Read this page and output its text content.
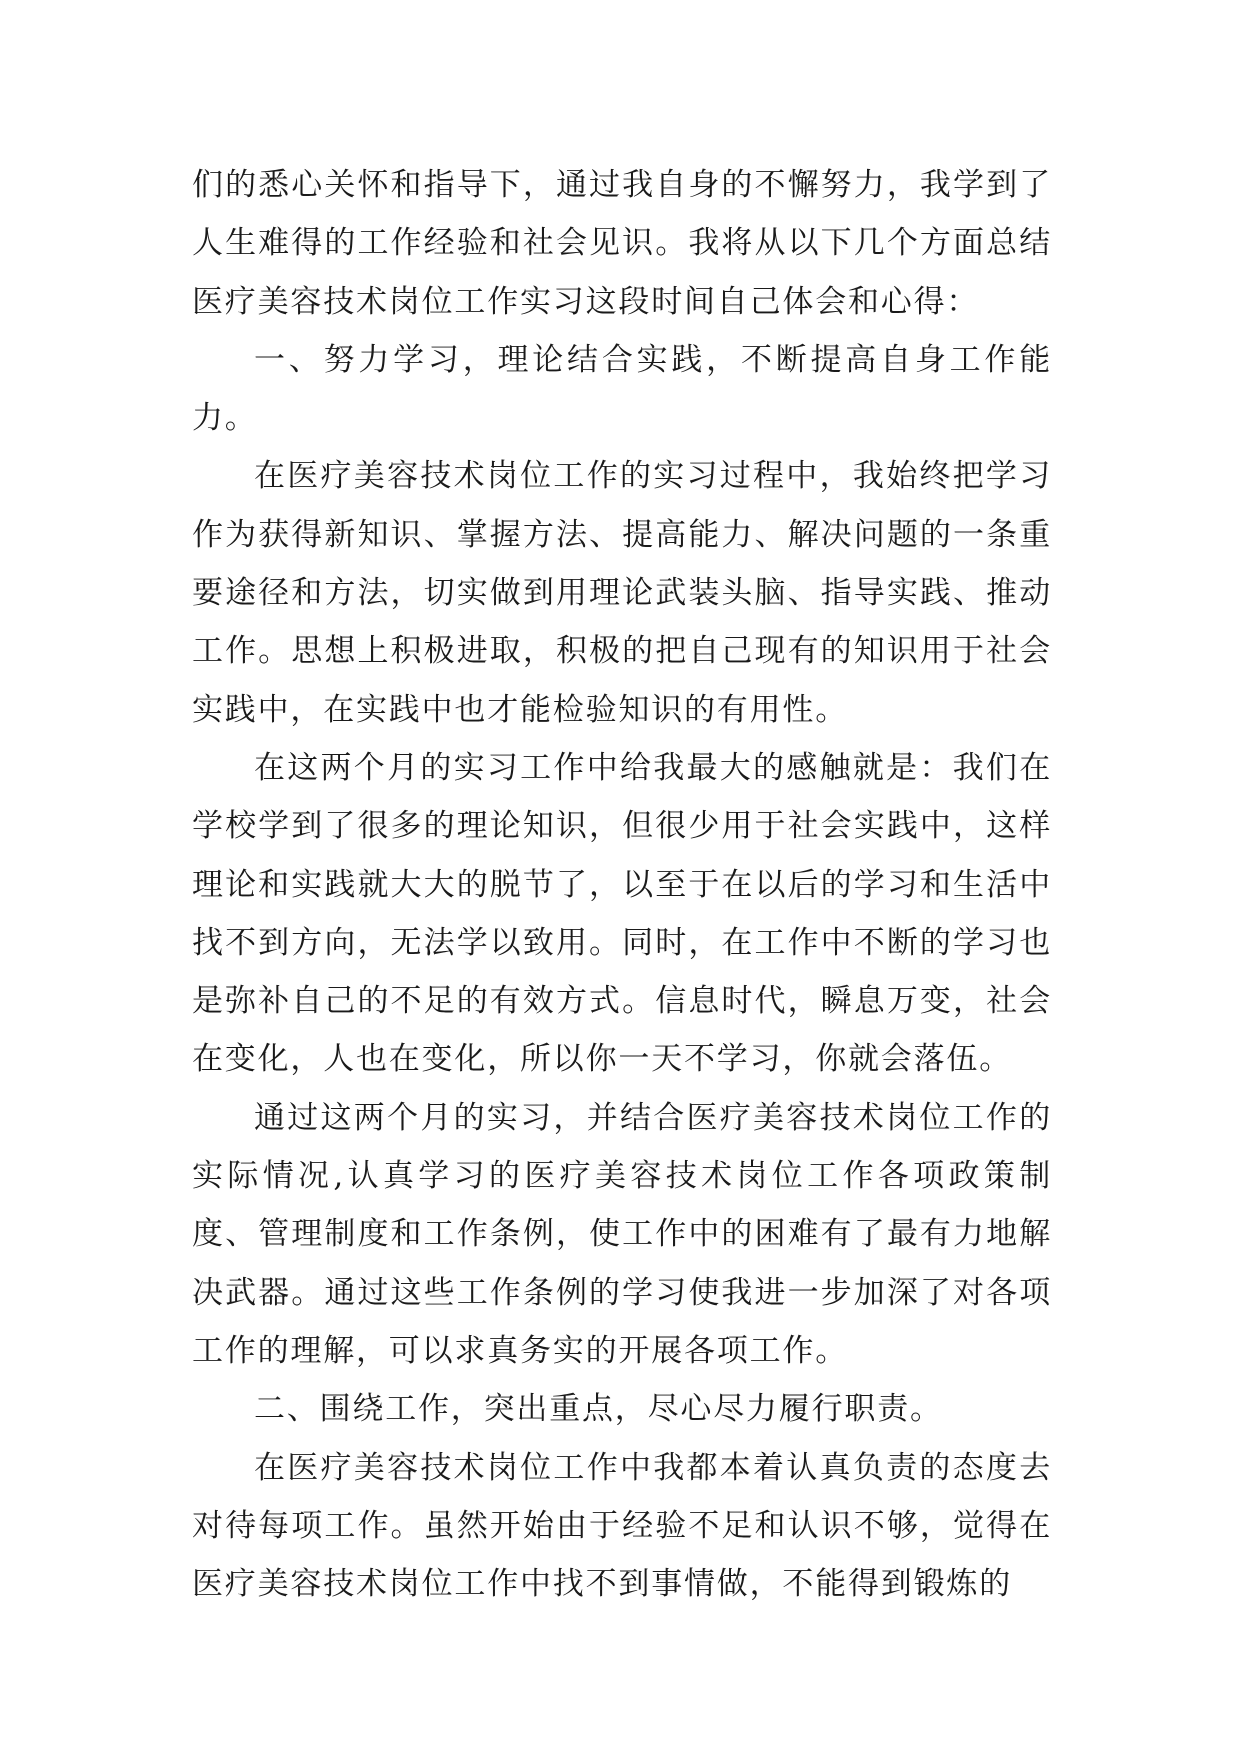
们的悉心关怀和指导下，通过我自身的不懈努力，我学到了人生难得的工作经验和社会见识。我将从以下几个方面总结医疗美容技术岗位工作实习这段时间自己体会和心得：

一、努力学习，理论结合实践，不断提高自身工作能力。

在医疗美容技术岗位工作的实习过程中，我始终把学习作为获得新知识、掌握方法、提高能力、解决问题的一条重要途径和方法，切实做到用理论武装头脑、指导实践、推动工作。思想上积极进取，积极的把自己现有的知识用于社会实践中，在实践中也才能检验知识的有用性。

在这两个月的实习工作中给我最大的感触就是：我们在学校学到了很多的理论知识，但很少用于社会实践中，这样理论和实践就大大的脱节了，以至于在以后的学习和生活中找不到方向，无法学以致用。同时，在工作中不断的学习也是弥补自己的不足的有效方式。信息时代，瞬息万变，社会在变化，人也在变化，所以你一天不学习，你就会落伍。

通过这两个月的实习，并结合医疗美容技术岗位工作的实际情况,认真学习的医疗美容技术岗位工作各项政策制度、管理制度和工作条例，使工作中的困难有了最有力地解决武器。通过这些工作条例的学习使我进一步加深了对各项工作的理解，可以求真务实的开展各项工作。

二、围绕工作，突出重点，尽心尽力履行职责。

在医疗美容技术岗位工作中我都本着认真负责的态度去对待每项工作。虽然开始由于经验不足和认识不够，觉得在医疗美容技术岗位工作中找不到事情做，不能得到锻炼的
